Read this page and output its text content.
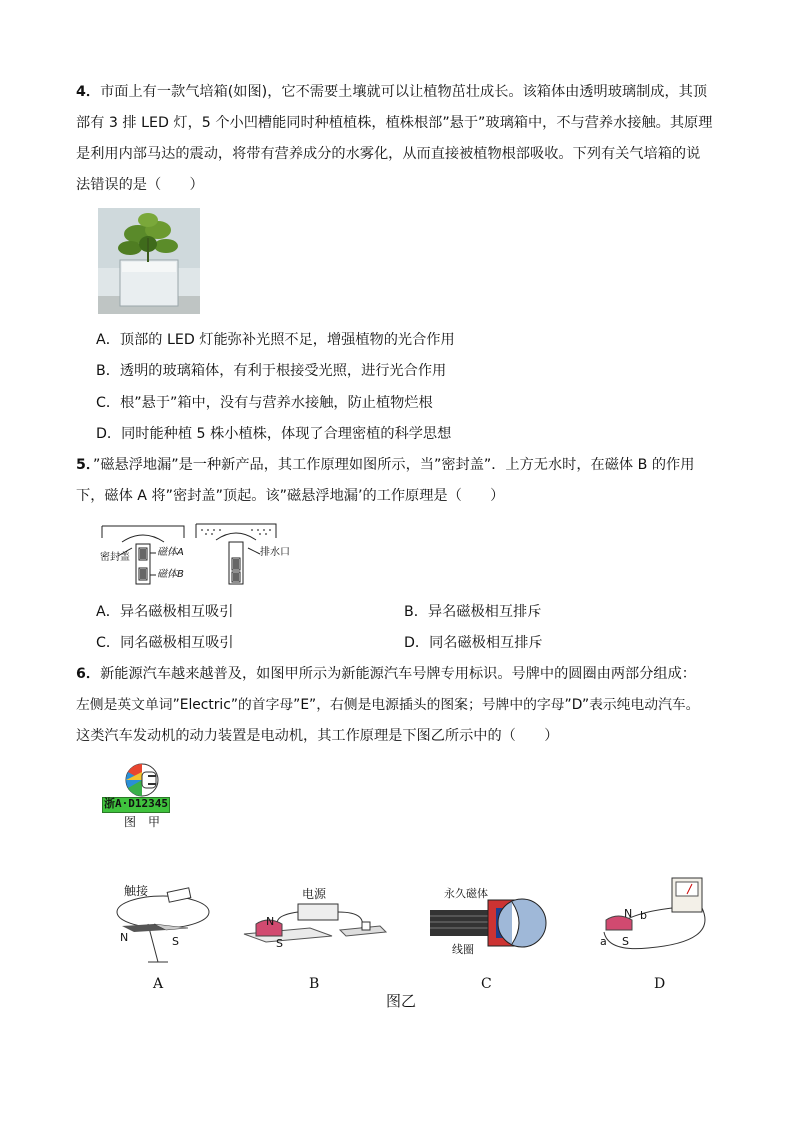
4．市面上有一款气培箱(如图)，它不需要土壤就可以让植物茁壮成长。该箱体由透明玻璃制成，其顶
部有 3 排 LED 灯，5 个小凹槽能同时种植植株，植株根部”悬于”玻璃箱中，不与营养水接触。其原理
是利用内部马达的震动，将带有营养成分的水雾化，从而直接被植物根部吸收。下列有关气培箱的说
法错误的是（　　）
A．顶部的 LED 灯能弥补光照不足，增强植物的光合作用
B．透明的玻璃箱体，有利于根接受光照，进行光合作用
C．根”悬于”箱中，没有与营养水接触，防止植物烂根
D．同时能种植 5 株小植株，体现了合理密植的科学思想
5．”磁悬浮地漏”是一种新产品，其工作原理如图所示，当”密封盖”．上方无水时，在磁体 B 的作用
下，磁体 A 将”密封盖”顶起。该”磁悬浮地漏’的工作原理是（　　）
密封盖	磁体A
磁体B
排水口
A．异名磁极相互吸引	B．异名磁极相互排斥
C．同名磁极相互吸引	D．同名磁极相互排斥
6．新能源汽车越来越普及，如图甲所示为新能源汽车号牌专用标识。号牌中的圆圈由两部分组成：
左侧是英文单词”Electric”的首字母”E”，右侧是电源插头的图案；号牌中的字母”D”表示纯电动汽车。
这类汽车发动机的动力装置是电动机，其工作原理是下图乙所示中的（　　）
浙A·D12345
图　甲
触接
N	S
电源
N
S
永久磁体
线圈
N b
a S
A	B	C	D
图乙
